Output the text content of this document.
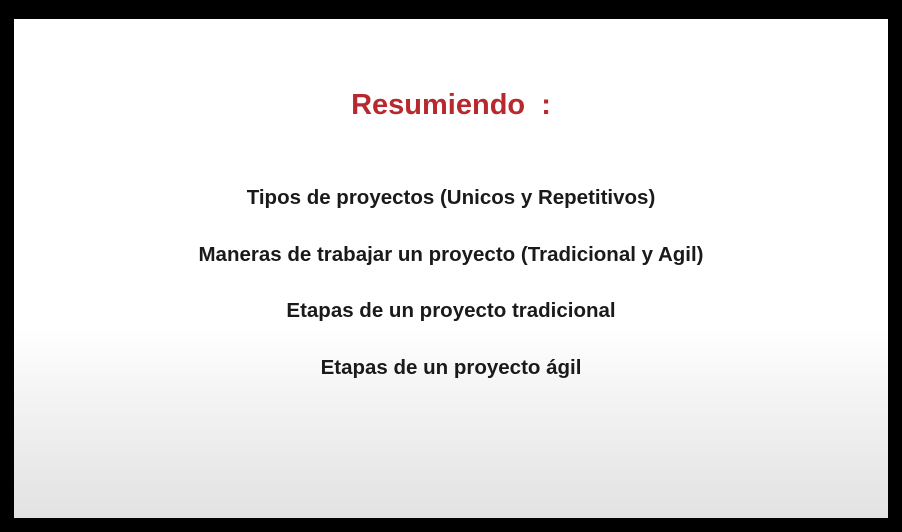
Resumiendo  :
Tipos de proyectos (Unicos y Repetitivos)
Maneras de trabajar un proyecto (Tradicional y Agil)
Etapas de un proyecto tradicional
Etapas de un proyecto ágil
